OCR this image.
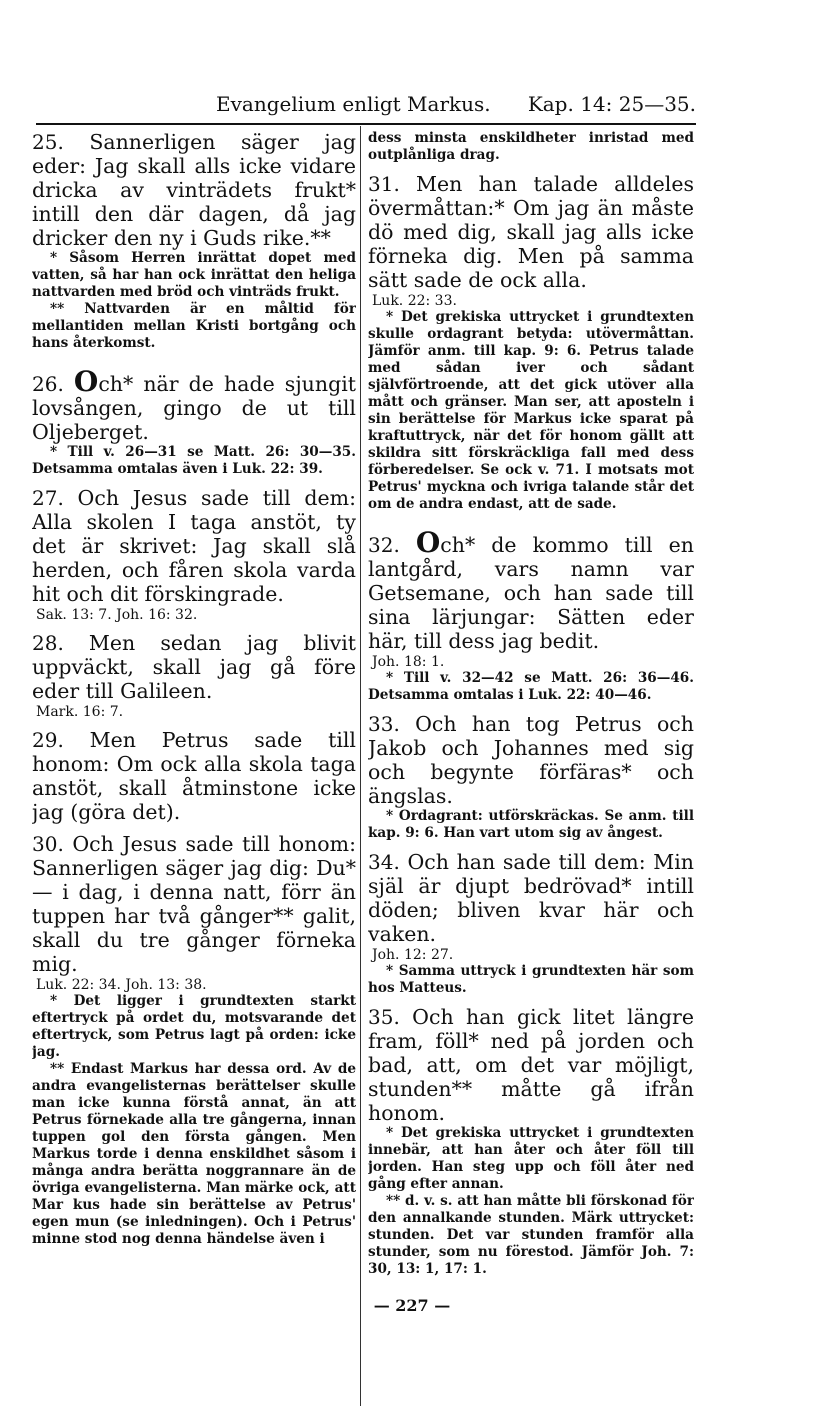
Evangelium enligt Markus. Kap. 14: 25—35.

25. Sannerligen säger jag eder: Jag skall alls icke vidare dricka av vinträdets frukt* intill den där dagen, då jag dricker den ny i Guds rike.**

* Såsom Herren inrättat dopet med vatten, så har han ock inrättat den heliga nattvarden med bröd och vinträds frukt.

** Nattvarden är en måltid för mellantiden mellan Kristi bortgång och hans återkomst.

26. Och* när de hade sjungit lovsången, gingo de ut till Oljeberget.

* Till v. 26—31 se Matt. 26: 30—35. Detsamma omtalas även i Luk. 22: 39.

27. Och Jesus sade till dem: Alla skolen I taga anstöt, ty det är skrivet: Jag skall slå herden, och fåren skola varda hit och dit förskingrade.

Sak. 13: 7. Joh. 16: 32.

28. Men sedan jag blivit uppväckt, skall jag gå före eder till Galileen.

Mark. 16: 7.

29. Men Petrus sade till honom: Om ock alla skola taga anstöt, skall åtminstone icke jag (göra det).

30. Och Jesus sade till honom: Sannerligen säger jag dig: Du* — i dag, i denna natt, förr än tuppen har två gånger** galit, skall du tre gånger förneka mig.

Luk. 22: 34. Joh. 13: 38.

* Det ligger i grundtexten starkt eftertryck på ordet du, motsvarande det eftertryck, som Petrus lagt på orden: icke jag.

** Endast Markus har dessa ord. Av de andra evangelisternas berättelser skulle man icke kunna förstå annat, än att Petrus förnekade alla tre gångerna, innan tuppen gol den första gången. Men Markus torde i denna enskildhet såsom i många andra berätta noggrannare än de övriga evangelisterna. Man märke ock, att Mar kus hade sin berättelse av Petrus' egen mun (se inledningen). Och i Petrus' minne stod nog denna händelse även i

dess minsta enskildheter inristad med outplånliga drag.

31. Men han talade alldeles övermåttan:* Om jag än måste dö med dig, skall jag alls icke förneka dig. Men på samma sätt sade de ock alla.

Luk. 22: 33.

* Det grekiska uttrycket i grundtexten skulle ordagrant betyda: utövermåttan. Jämför anm. till kap. 9: 6. Petrus talade med sådan iver och sådant självförtroende, att det gick utöver alla mått och gränser. Man ser, att aposteln i sin berättelse för Markus icke sparat på kraftuttryck, när det för honom gällt att skildra sitt förskräckliga fall med dess förberedelser. Se ock v. 71. I motsats mot Petrus' myckna och ivriga talande står det om de andra endast, att de sade.

32. Och* de kommo till en lantgård, vars namn var Getsemane, och han sade till sina lärjungar: Sätten eder här, till dess jag bedit.

Joh. 18: 1.

* Till v. 32—42 se Matt. 26: 36—46. Detsamma omtalas i Luk. 22: 40—46.

33. Och han tog Petrus och Jakob och Johannes med sig och begynte förfäras* och ängslas.

* Ordagrant: utförskräckas. Se anm. till kap. 9: 6. Han vart utom sig av ångest.

34. Och han sade till dem: Min själ är djupt bedrövad* intill döden; bliven kvar här och vaken.

Joh. 12: 27.

* Samma uttryck i grundtexten här som hos Matteus.

35. Och han gick litet längre fram, föll* ned på jorden och bad, att, om det var möjligt, stunden** måtte gå ifrån honom.

* Det grekiska uttrycket i grundtexten innebär, att han åter och åter föll till jorden. Han steg upp och föll åter ned gång efter annan.

** d. v. s. att han måtte bli förskonad för den annalkande stunden. Märk uttrycket: stunden. Det var stunden framför alla stunder, som nu förestod. Jämför Joh. 7: 30, 13: 1, 17: 1.

— 227 —
